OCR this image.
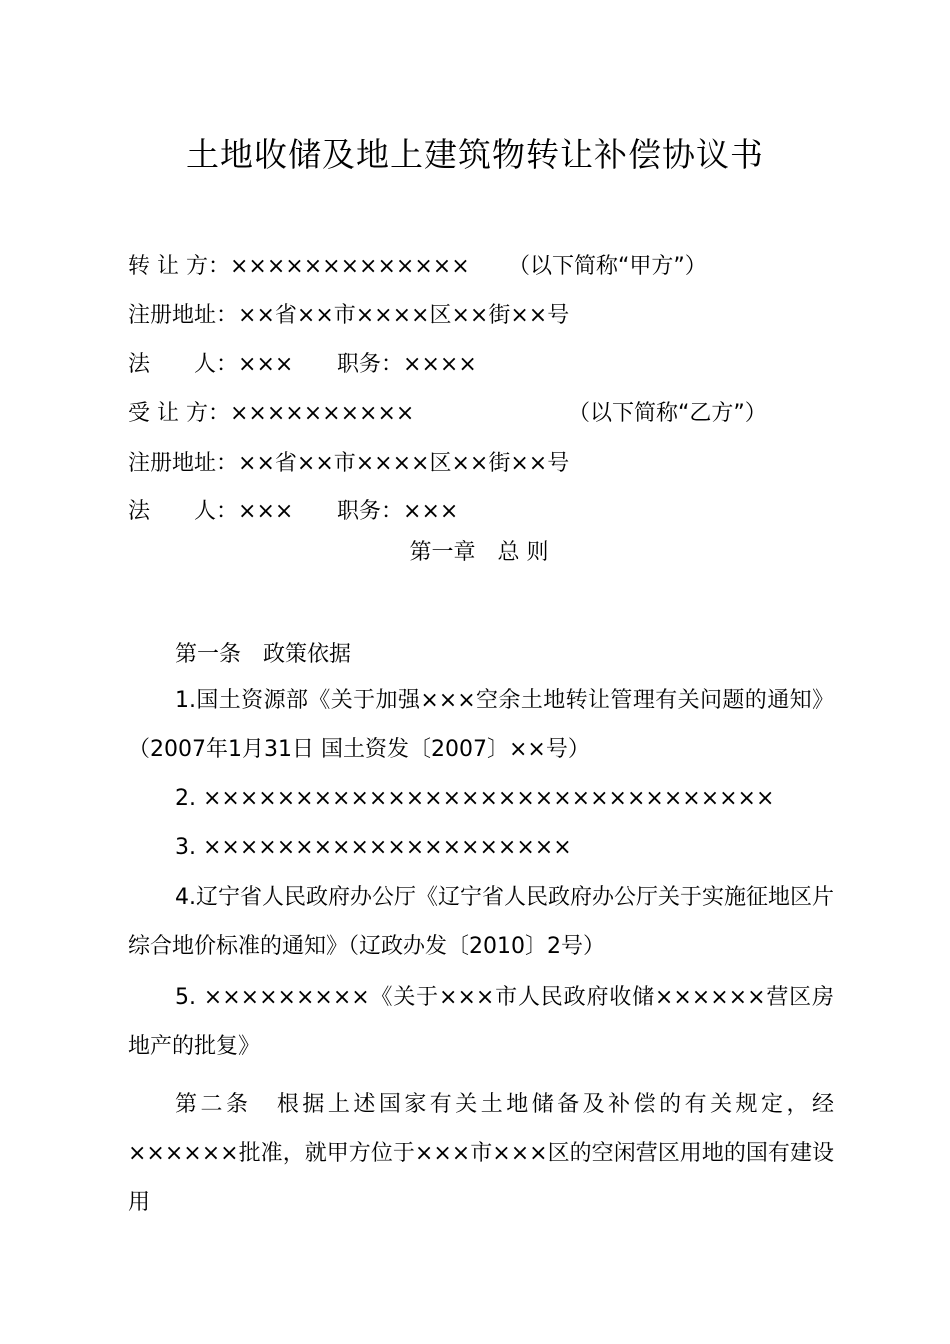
土地收储及地上建筑物转让补偿协议书
转 让 方：××××××××××××× （以下简称“甲方”）
注册地址：××省××市××××区××街××号
法　　人：××× 职务：××××
受 让 方：××××××××××	（以下简称“乙方”）
注册地址：××省××市××××区××街××号
法　　人：××× 职务：×××
第一章　总 则
第一条　政策依据
1.国土资源部《关于加强×××空余土地转让管理有关问题的通知》（2007年1月31日 国土资发〔2007〕××号）
2. ×××××××××××××××××××××××××××××××
3. ××××××××××××××××××××
4.辽宁省人民政府办公厅《辽宁省人民政府办公厅关于实施征地区片综合地价标准的通知》（辽政办发〔2010〕2号）
5. ×××××××××《关于×××市人民政府收储××××××营区房地产的批复》
第二条　根据上述国家有关土地储备及补偿的有关规定，经××××××批准，就甲方位于×××市×××区的空闲营区用地的国有建设用
